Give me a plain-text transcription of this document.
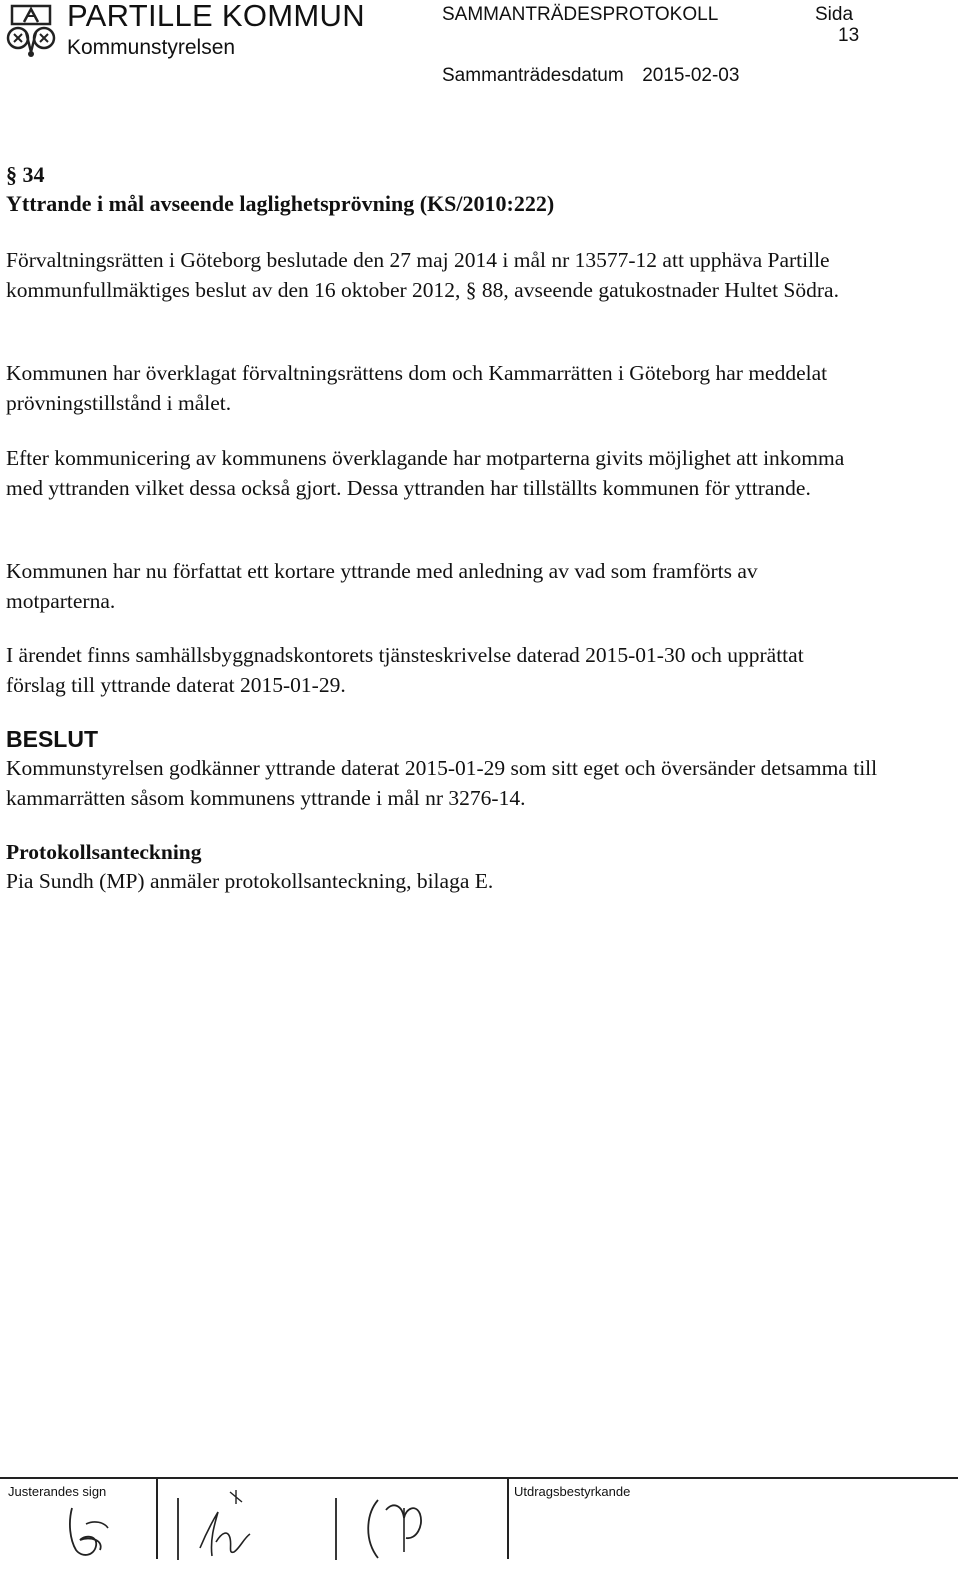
PARTILLE KOMMUN
Kommunstyrelsen
SAMMANTRÄDESPROTOKOLL	Sida
13
Sammanträdesdatum 2015-02-03
§ 34
Yttrande i mål avseende laglighetsprövning (KS/2010:222)

Förvaltningsrätten i Göteborg beslutade den 27 maj 2014 i mål nr 13577-12 att upphäva Partille kommunfullmäktiges beslut av den 16 oktober 2012, § 88, avseende gatukostnader Hultet Södra.

Kommunen har överklagat förvaltningsrättens dom och Kammarrätten i Göteborg har meddelat prövningstillstånd i målet.

Efter kommunicering av kommunens överklagande har motparterna givits möjlighet att inkomma med yttranden vilket dessa också gjort. Dessa yttranden har tillställts kommunen för yttrande.

Kommunen har nu författat ett kortare yttrande med anledning av vad som framförts av motparterna.

I ärendet finns samhällsbyggnadskontorets tjänsteskrivelse daterad 2015-01-30 och upprättat förslag till yttrande daterat 2015-01-29.

BESLUT

Kommunstyrelsen godkänner yttrande daterat 2015-01-29 som sitt eget och översänder detsamma till kammarrätten såsom kommunens yttrande i mål nr 3276-14.

Protokollsanteckning
Pia Sundh (MP) anmäler protokollsanteckning, bilaga E.
Justerandes sign	Utdragsbestyrkande
